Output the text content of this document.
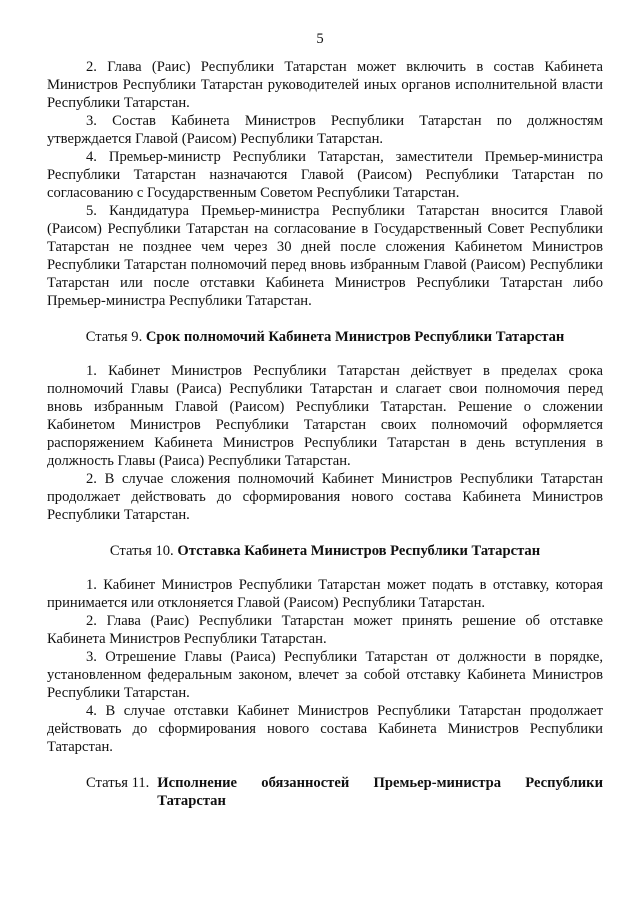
5

2. Глава (Раис) Республики Татарстан может включить в состав Кабинета Министров Республики Татарстан руководителей иных органов исполнительной власти Республики Татарстан.

3. Состав Кабинета Министров Республики Татарстан по должностям утверждается Главой (Раисом) Республики Татарстан.

4. Премьер-министр Республики Татарстан, заместители Премьер-министра Республики Татарстан назначаются Главой (Раисом) Республики Татарстан по согласованию с Государственным Советом Республики Татарстан.

5. Кандидатура Премьер-министра Республики Татарстан вносится Главой (Раисом) Республики Татарстан на согласование в Государственный Совет Республики Татарстан не позднее чем через 30 дней после сложения Кабинетом Министров Республики Татарстан полномочий перед вновь избранным Главой (Раисом) Республики Татарстан или после отставки Кабинета Министров Республики Татарстан либо Премьер-министра Республики Татарстан.

Статья 9. Срок полномочий Кабинета Министров Республики Татарстан

1. Кабинет Министров Республики Татарстан действует в пределах срока полномочий Главы (Раиса) Республики Татарстан и слагает свои полномочия перед вновь избранным Главой (Раисом) Республики Татарстан. Решение о сложении Кабинетом Министров Республики Татарстан своих полномочий оформляется распоряжением Кабинета Министров Республики Татарстан в день вступления в должность Главы (Раиса) Республики Татарстан.

2. В случае сложения полномочий Кабинет Министров Республики Татарстан продолжает действовать до сформирования нового состава Кабинета Министров Республики Татарстан.

Статья 10. Отставка Кабинета Министров Республики Татарстан

1. Кабинет Министров Республики Татарстан может подать в отставку, которая принимается или отклоняется Главой (Раисом) Республики Татарстан.

2. Глава (Раис) Республики Татарстан может принять решение об отставке Кабинета Министров Республики Татарстан.

3. Отрешение Главы (Раиса) Республики Татарстан от должности в порядке, установленном федеральным законом, влечет за собой отставку Кабинета Министров Республики Татарстан.

4. В случае отставки Кабинет Министров Республики Татарстан продолжает действовать до сформирования нового состава Кабинета Министров Республики Татарстан.

Статья 11. Исполнение обязанностей Премьер-министра Республики
Татарстан
